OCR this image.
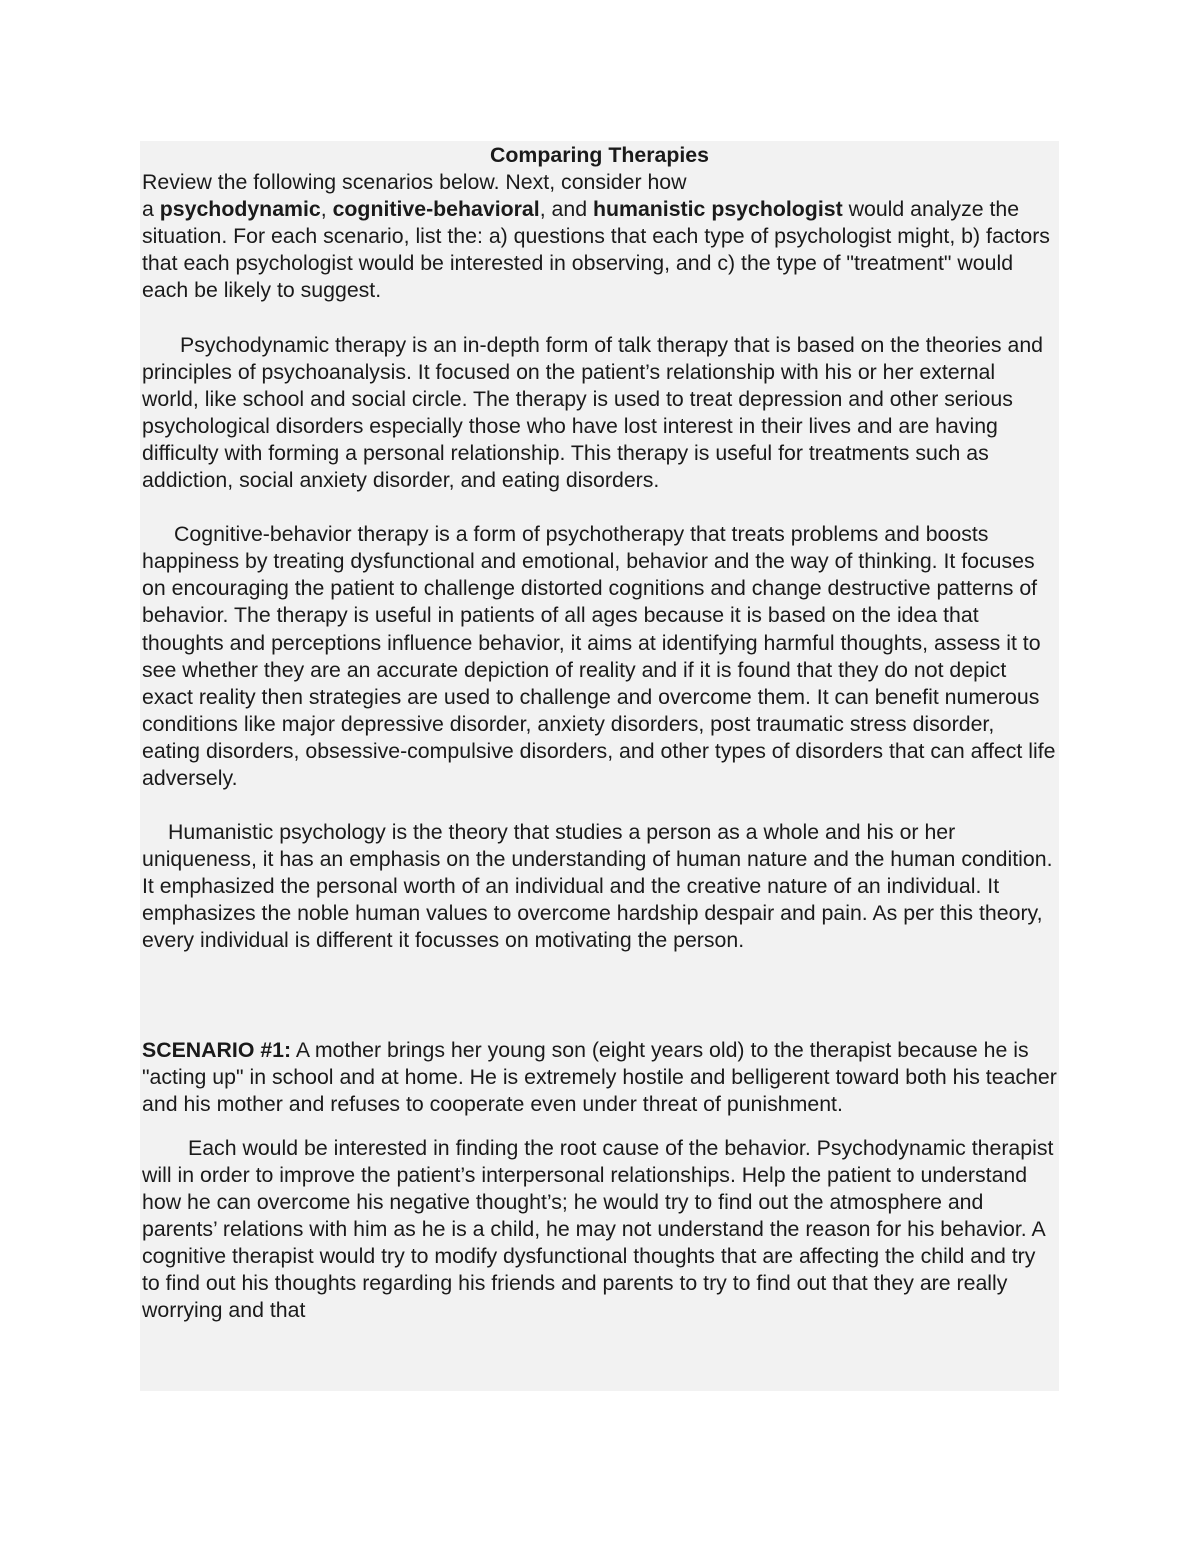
Comparing Therapies

Review the following scenarios below. Next, consider how
a psychodynamic, cognitive-behavioral, and humanistic psychologist would analyze the situation. For each scenario, list the: a) questions that each type of psychologist might, b) factors that each psychologist would be interested in observing, and c) the type of "treatment" would each be likely to suggest.

Psychodynamic therapy is an in-depth form of talk therapy that is based on the theories and principles of psychoanalysis. It focused on the patient’s relationship with his or her external world, like school and social circle. The therapy is used to treat depression and other serious psychological disorders especially those who have lost interest in their lives and are having difficulty with forming a personal relationship. This therapy is useful for treatments such as addiction, social anxiety disorder, and eating disorders.

Cognitive-behavior therapy is a form of psychotherapy that treats problems and boosts happiness by treating dysfunctional and emotional, behavior and the way of thinking. It focuses on encouraging the patient to challenge distorted cognitions and change destructive patterns of behavior. The therapy is useful in patients of all ages because it is based on the idea that thoughts and perceptions influence behavior, it aims at identifying harmful thoughts, assess it to see whether they are an accurate depiction of reality and if it is found that they do not depict exact reality then strategies are used to challenge and overcome them. It can benefit numerous conditions like major depressive disorder, anxiety disorders, post traumatic stress disorder, eating disorders, obsessive-compulsive disorders, and other types of disorders that can affect life adversely.

Humanistic psychology is the theory that studies a person as a whole and his or her uniqueness, it has an emphasis on the understanding of human nature and the human condition. It emphasized the personal worth of an individual and the creative nature of an individual. It emphasizes the noble human values to overcome hardship despair and pain. As per this theory, every individual is different it focusses on motivating the person.

SCENARIO #1: A mother brings her young son (eight years old) to the therapist because he is "acting up" in school and at home. He is extremely hostile and belligerent toward both his teacher and his mother and refuses to cooperate even under threat of punishment.

Each would be interested in finding the root cause of the behavior. Psychodynamic therapist will in order to improve the patient’s interpersonal relationships. Help the patient to understand how he can overcome his negative thought’s; he would try to find out the atmosphere and parents’ relations with him as he is a child, he may not understand the reason for his behavior. A cognitive therapist would try to modify dysfunctional thoughts that are affecting the child and try to find out his thoughts regarding his friends and parents to try to find out that they are really worrying and that
